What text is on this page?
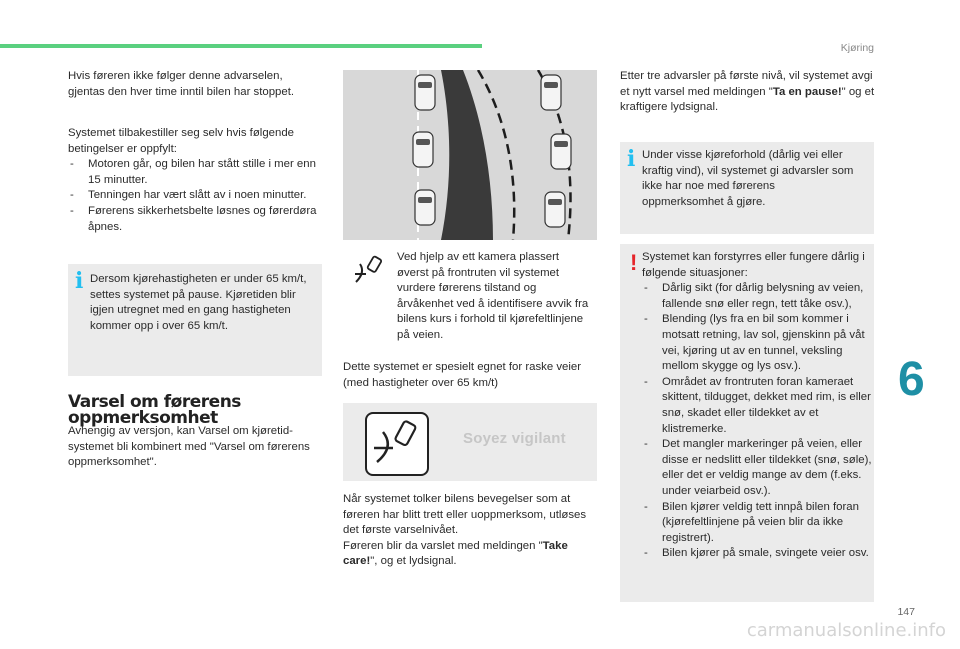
Kjøring
6
147
carmanualsonline.info

Hvis føreren ikke følger denne advarselen, gjentas den hver time inntil bilen har stoppet.

Systemet tilbakestiller seg selv hvis følgende betingelser er oppfylt:

- Motoren går, og bilen har stått stille i mer enn 15 minutter.
- Tenningen har vært slått av i noen minutter.
- Førerens sikkerhetsbelte løsnes og førerdøra åpnes.
i Dersom kjørehastigheten er under 65 km/t, settes systemet på pause. Kjøretiden blir igjen utregnet med en gang hastigheten kommer opp i over 65 km/t.

Varsel om førerens oppmerksomhet

Avhengig av versjon, kan Varsel om kjøretid-systemet bli kombinert med "Varsel om førerens oppmerksomhet".

Ved hjelp av ett kamera plassert øverst på frontruten vil systemet vurdere førerens tilstand og årvåkenhet ved å identifisere avvik fra bilens kurs i forhold til kjørefeltlinjene på veien.

Dette systemet er spesielt egnet for raske veier (med hastigheter over 65 km/t)

Soyez vigilant

Når systemet tolker bilens bevegelser som at føreren har blitt trett eller uoppmerksom, utløses det første varselnivået.

Føreren blir da varslet med meldingen "Take care!", og et lydsignal.

Etter tre advarsler på første nivå, vil systemet avgi et nytt varsel med meldingen "Ta en pause!" og et kraftigere lydsignal.

i Under visse kjøreforhold (dårlig vei eller kraftig vind), vil systemet gi advarsler som ikke har noe med førerens oppmerksomhet å gjøre.

! Systemet kan forstyrres eller fungere dårlig i følgende situasjoner:

- Dårlig sikt (for dårlig belysning av veien, fallende snø eller regn, tett tåke osv.),
- Blending (lys fra en bil som kommer i motsatt retning, lav sol, gjenskinn på våt vei, kjøring ut av en tunnel, veksling mellom skygge og lys osv.).
- Området av frontruten foran kameraet skittent, tildugget, dekket med rim, is eller snø, skadet eller tildekket av et klistremerke.
- Det mangler markeringer på veien, eller disse er nedslitt eller tildekket (snø, søle), eller det er veldig mange av dem (f.eks. under veiarbeid osv.).
- Bilen kjører veldig tett innpå bilen foran (kjørefeltlinjene på veien blir da ikke registrert).
- Bilen kjører på smale, svingete veier osv.
